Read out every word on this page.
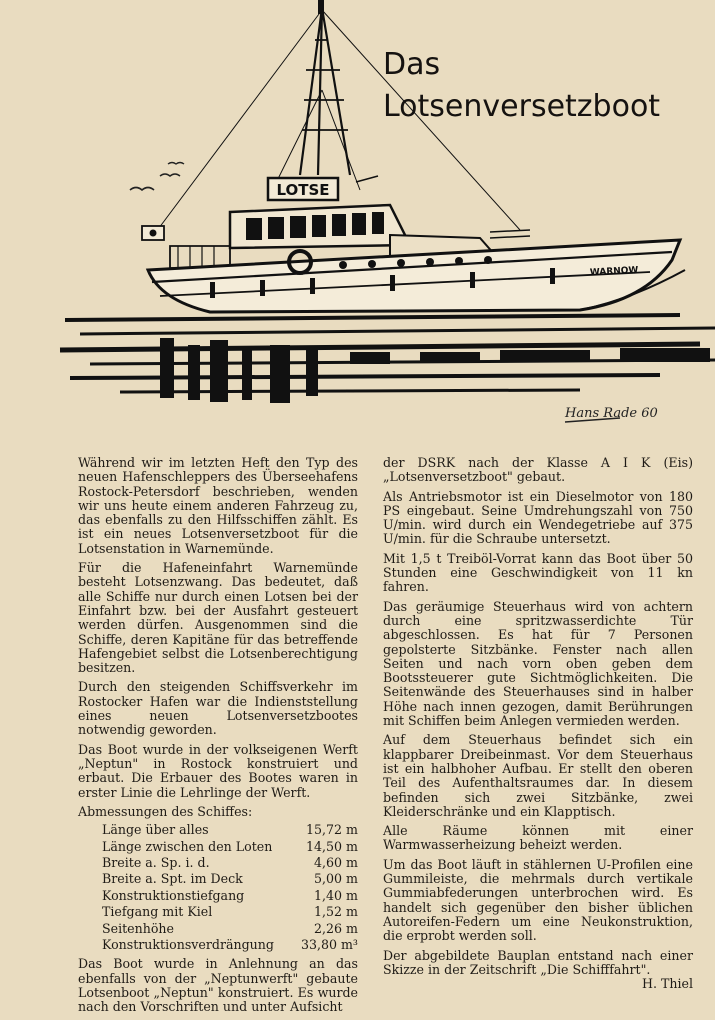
Das
Lotsenversetzboot
LOTSE
WARNOW
Hans Rade 60

Während wir im letzten Heft den Typ des neuen Hafenschleppers des Überseehafens Rostock-Petersdorf beschrieben, wenden wir uns heute einem anderen Fahrzeug zu, das ebenfalls zu den Hilfsschiffen zählt. Es ist ein neues Lotsenversetzboot für die Lotsenstation in Warnemünde.

Für die Hafeneinfahrt Warnemünde besteht Lotsenzwang. Das bedeutet, daß alle Schiffe nur durch einen Lotsen bei der Einfahrt bzw. bei der Ausfahrt gesteuert werden dürfen. Ausgenommen sind die Schiffe, deren Kapitäne für das betreffende Hafengebiet selbst die Lotsenberechtigung besitzen.

Durch den steigenden Schiffsverkehr im Rostocker Hafen war die Indienststellung eines neuen Lotsenversetzbootes notwendig geworden.

Das Boot wurde in der volkseigenen Werft „Neptun" in Rostock konstruiert und erbaut. Die Erbauer des Bootes waren in erster Linie die Lehrlinge der Werft.

Abmessungen des Schiffes:
Länge über alles	15,72 m
Länge zwischen den Loten	14,50 m
Breite a. Sp. i. d.	4,60 m
Breite a. Spt. im Deck	5,00 m
Konstruktionstiefgang	1,40 m
Tiefgang mit Kiel	1,52 m
Seitenhöhe	2,26 m
Konstruktionsverdrängung 33,80 m³

Das Boot wurde in Anlehnung an das ebenfalls von der „Neptunwerft" gebaute Lotsenboot „Neptun" konstruiert. Es wurde nach den Vorschriften und unter Aufsicht

der DSRK nach der Klasse A I K (Eis) „Lotsenversetzboot" gebaut.

Als Antriebsmotor ist ein Dieselmotor von 180 PS eingebaut. Seine Umdrehungszahl von 750 U/min. wird durch ein Wendegetriebe auf 375 U/min. für die Schraube untersetzt.

Mit 1,5 t Treiböl-Vorrat kann das Boot über 50 Stunden eine Geschwindigkeit von 11 kn fahren.

Das geräumige Steuerhaus wird von achtern durch eine spritzwasserdichte Tür abgeschlossen. Es hat für 7 Personen gepolsterte Sitzbänke. Fenster nach allen Seiten und nach vorn oben geben dem Bootssteuerer gute Sichtmöglichkeiten. Die Seitenwände des Steuerhauses sind in halber Höhe nach innen gezogen, damit Berührungen mit Schiffen beim Anlegen vermieden werden.

Auf dem Steuerhaus befindet sich ein klappbarer Dreibeinmast. Vor dem Steuerhaus ist ein halbhoher Aufbau. Er stellt den oberen Teil des Aufenthaltsraumes dar. In diesem befinden sich zwei Sitzbänke, zwei Kleiderschränke und ein Klapptisch.

Alle Räume können mit einer Warmwasserheizung beheizt werden.

Um das Boot läuft in stählernen U-Profilen eine Gummileiste, die mehrmals durch vertikale Gummiabfederungen unterbrochen wird. Es handelt sich gegenüber den bisher üblichen Autoreifen-Federn um eine Neukonstruktion, die erprobt werden soll.

Der abgebildete Bauplan entstand nach einer Skizze in der Zeitschrift „Die Schifffahrt".
H. Thiel
